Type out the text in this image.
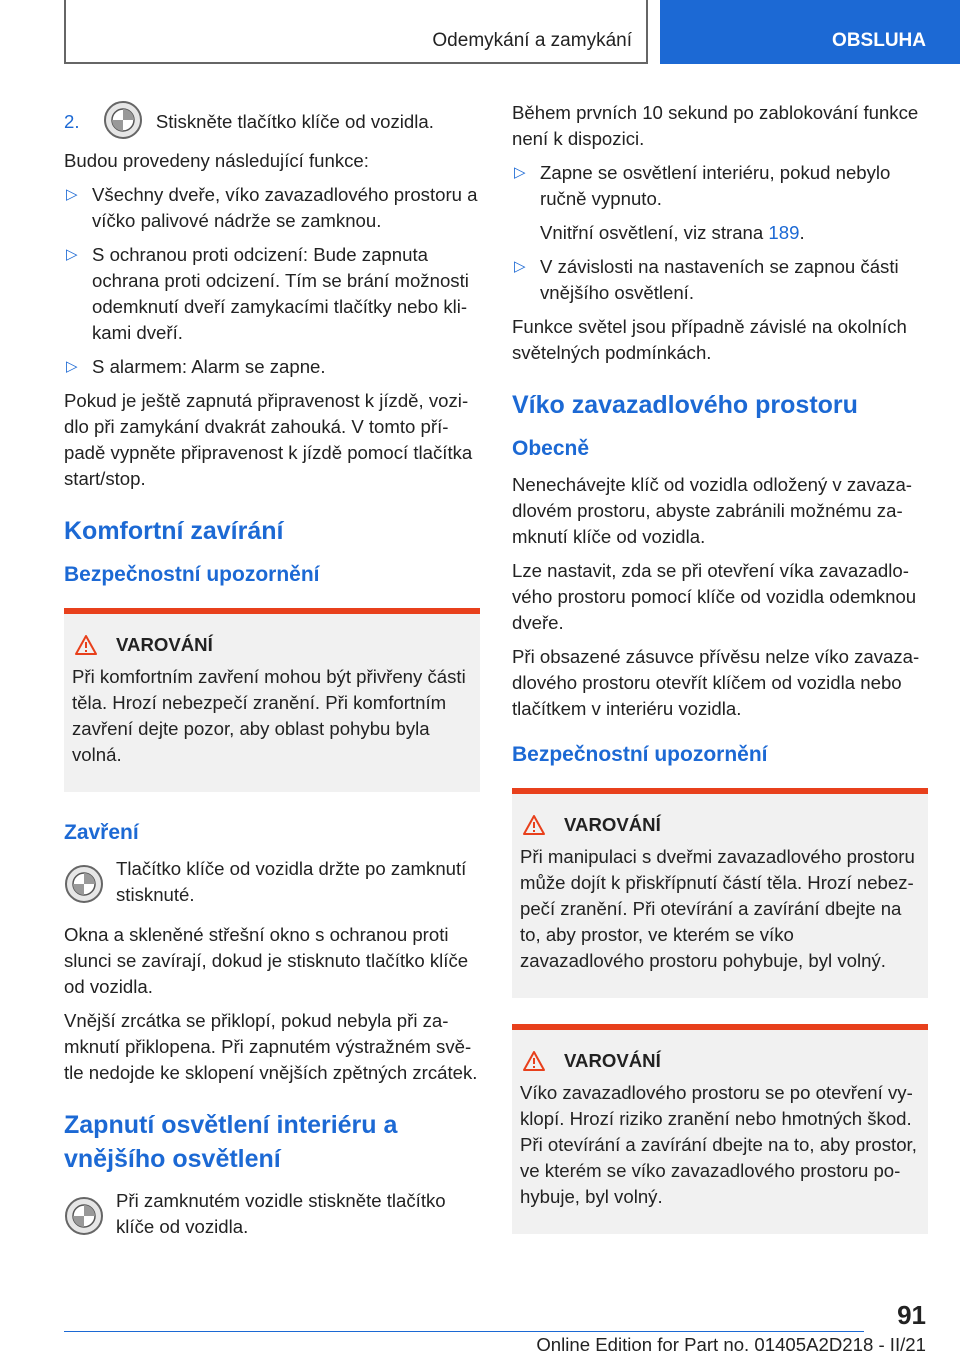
Odemykání a zamykání	OBSLUHA

2.	Stiskněte tlačítko klíče od vozidla.

Budou provedeny následující funkce:

▷ Všechny dveře, víko zavazadlového prostoru a víčko palivové nádrže se zamknou.
▷ S ochranou proti odcizení: Bude zapnuta ochrana proti odcizení. Tím se brání možnosti odemknutí dveří zamykacími tlačítky nebo klikami dveří.
▷ S alarmem: Alarm se zapne.

Pokud je ještě zapnutá připravenost k jízdě, vozidlo při zamykání dvakrát zahouká. V tomto případě vypněte připravenost k jízdě pomocí tlačítka start/stop.

Komfortní zavírání
Bezpečnostní upozornění
VAROVÁNÍ
Při komfortním zavření mohou být přivřeny části těla. Hrozí nebezpečí zranění. Při komfortním zavření dejte pozor, aby oblast pohybu byla volná.
Zavření
Tlačítko klíče od vozidla držte po zamknutí stisknuté.

Okna a skleněné střešní okno s ochranou proti slunci se zavírají, dokud je stisknuto tlačítko klíče od vozidla.

Vnější zrcátka se přiklopí, pokud nebyla při zamknutí přiklopena. Při zapnutém výstražném světle nedojde ke sklopení vnějších zpětných zrcátek.

Zapnutí osvětlení interiéru a vnějšího osvětlení
Při zamknutém vozidle stiskněte tlačítko klíče od vozidla.

Během prvních 10 sekund po zablokování funkce není k dispozici.

▷ Zapne se osvětlení interiéru, pokud nebylo ručně vypnuto.
Vnitřní osvětlení, viz strana 189.
▷ V závislosti na nastaveních se zapnou části vnějšího osvětlení.

Funkce světel jsou případně závislé na okolních světelných podmínkách.

Víko zavazadlového prostoru
Obecně

Nenechávejte klíč od vozidla odložený v zavazadlovém prostoru, abyste zabránili možnému zamknutí klíče od vozidla.

Lze nastavit, zda se při otevření víka zavazadlového prostoru pomocí klíče od vozidla odemknou dveře.

Při obsazené zásuvce přívěsu nelze víko zavazadlového prostoru otevřít klíčem od vozidla nebo tlačítkem v interiéru vozidla.

Bezpečnostní upozornění
VAROVÁNÍ
Při manipulaci s dveřmi zavazadlového prostoru může dojít k přiskřípnutí částí těla. Hrozí nebezpečí zranění. Při otevírání a zavírání dbejte na to, aby prostor, ve kterém se víko zavazadlového prostoru pohybuje, byl volný.
VAROVÁNÍ
Víko zavazadlového prostoru se po otevření vyklopí. Hrozí riziko zranění nebo hmotných škod. Při otevírání a zavírání dbejte na to, aby prostor, ve kterém se víko zavazadlového prostoru pohybuje, byl volný.
91
Online Edition for Part no. 01405A2D218 - II/21
